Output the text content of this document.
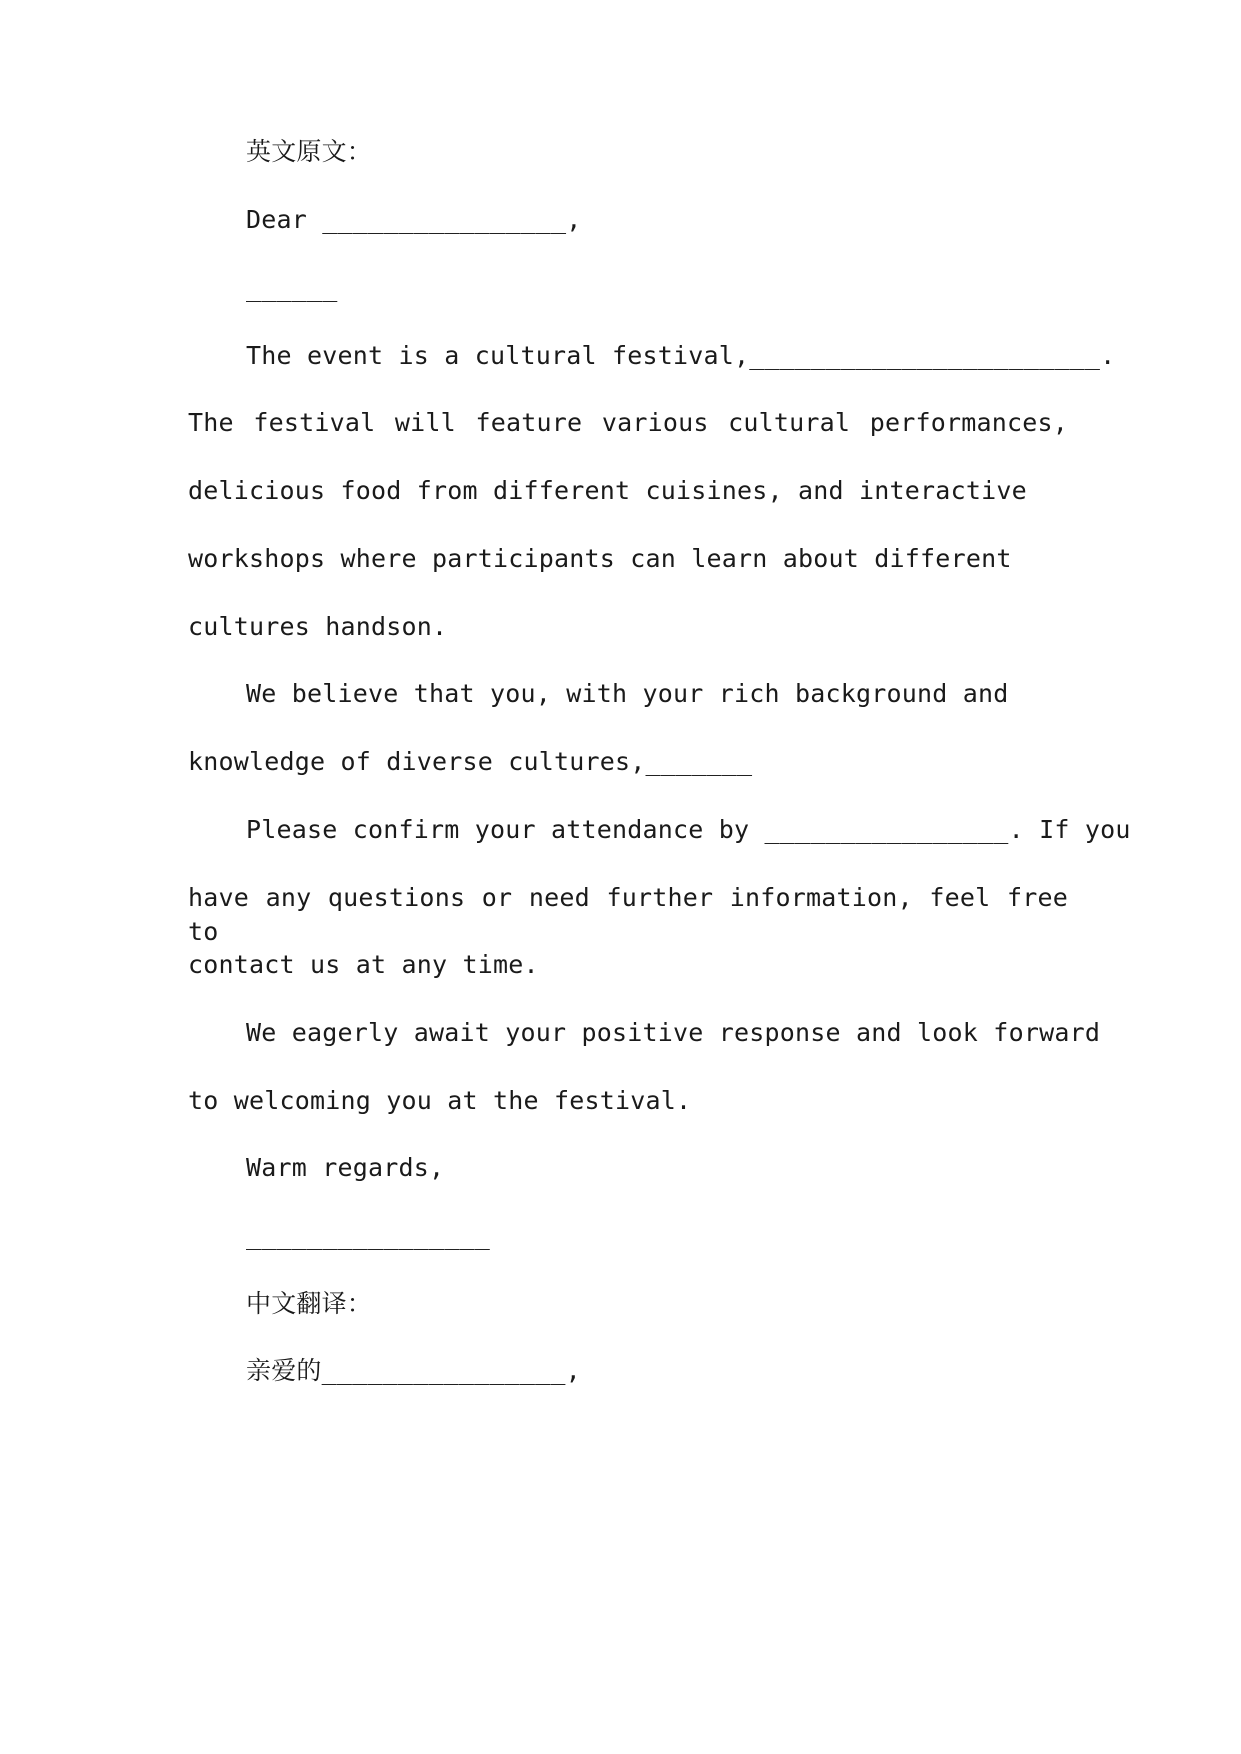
英文原文：
Dear ________________,
______
The event is a cultural festival,_______________________.
The festival will feature various cultural performances,
delicious food from different cuisines, and interactive
workshops where participants can learn about different
cultures handson.
We believe that you, with your rich background and
knowledge of diverse cultures,_______
Please confirm your attendance by ________________. If you
have any questions or need further information, feel free to
contact us at any time.
We eagerly await your positive response and look forward
to welcoming you at the festival.
Warm regards,
________________
中文翻译：
亲爱的________________,
